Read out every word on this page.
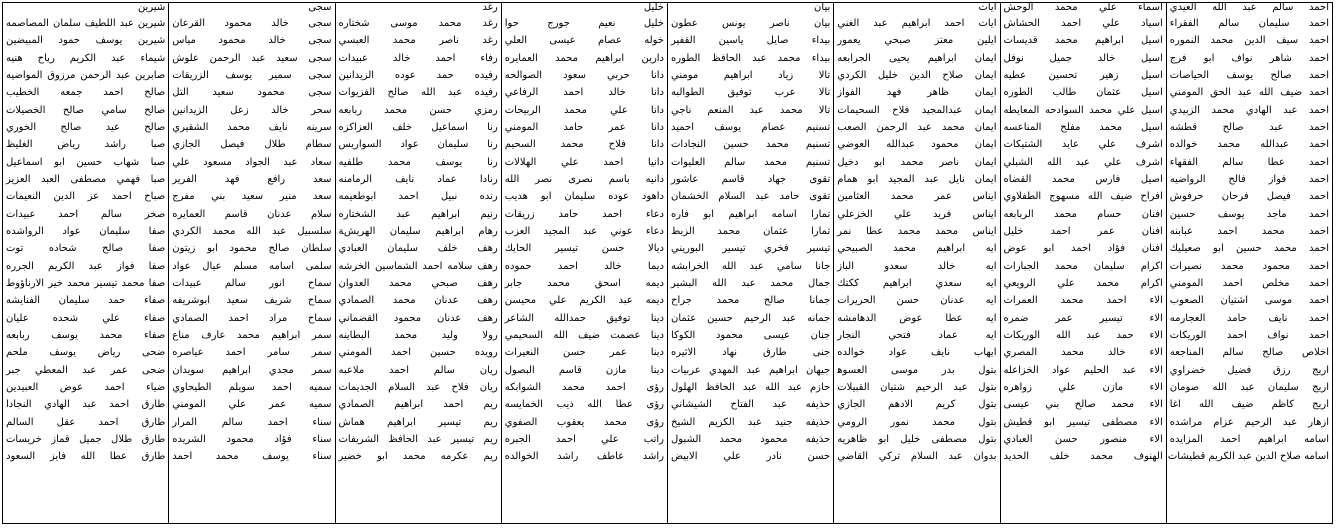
احمد سالم عبد الله العيدي
احمد سليمان سالم الفقراء
احمد سيف الدين محمد النموره
احمد شاهر نواف ابو فرج
احمد صالح يوسف الحياصات
احمد ضيف الله عبد الحق المومني
احمد عبد الهادي محمد الزبيدي
احمد عبد صالح قطشه
احمد عبدالله محمد خوالده
احمد عطا سالم الفقهاء
احمد فواز فالح الرواضيه
احمد فيصل فرحان حرفوش
احمد ماجد يوسف حسين
احمد محمد احمد عبابنه
احمد محمد حسين ابو صعيليك
احمد محمود محمد نصيرات
احمد مخلص احمد المومني
احمد موسى اشتيان الصعوب
احمد نايف حامد العجارمه
احمد نواف احمد الوريكات
اخلاص صالح سالم المناجعه
اريج رزق فضيل خضراوي
اريج سليمان عبد الله صومان
اريج كاظم ضيف الله اغا
ازهار عبد الرحيم عزام مراشده
اسامه ابراهيم احمد المزايده
اسامه صلاح الدين عبد الكريم قطيشات
اسماء علي محمد الوحش
اسياد علي احمد الحشاش
اسيل ابراهيم محمد قديسات
اسيل خالد جميل نوفل
اسيل زهير تحسين عطيه
اسيل عثمان طالب الطوره
اسيل علي محمد السوادحه المعايطه
اسيل محمد مفلح المناعسه
اشرف علي عايد الشتيكات
اشرف علي عبد الله الشبلي
اصيل فارس محمد القضاه
افراح ضيف الله مسهوج الطفلاوي
افنان حسام محمد الربابعه
افنان عمر احمد خليل
افنان فؤاد احمد ابو عوض
اكرام سليمان محمد الجبارات
اكرام محمد علي الرويعي
الاء احمد محمد العمرات
الاء تيسير عمر ضمره
الاء حمد عبد الله الوريكات
الاء خالد محمد المصري
الاء عبد الحليم عواد الخزاعله
الاء مازن علي زواهره
الاء محمد صالح بني عيسى
الاء مصطفى تيسير ابو قطيش
الاء منصور حسن العبادي
الهنوف محمد خلف الحديد
ايات
ايات احمد ابراهيم عبد الغني
ايلين معتز صبحي يعمور
ايمان ابراهيم يحيى الجرابعه
ايمان صلاح الدين خليل الكردي
ايمان ظاهر فهد الفواز
ايمان عبدالمجيد فلاح السحيمات
ايمان محمد عبد الرحمن الصعب
ايمان محمود عبدالله العوضي
ايمان ناصر محمد ابو دخيل
ايمان نايل عبد المجيد ابو همام
ايناس عمر محمد العثامين
ايناس فريد علي الخزعلي
ايناس محمد محمد عطا نمر
ايه ابراهيم محمد الصبيحي
ايه خالد سعدو الباز
ايه سعدي ابراهيم ككتك
ايه عدنان حسن الحريرات
ايه عطا عوض الدهامشه
ايه عماد فتحي النجار
ايهاب نايف عواد خوالده
بتول بدر موسى العسوﻫ
بتول عبد الرحيم شتيان القبيلات
بتول كريم الادهم الجازي
بتول محمد نمور الرومي
بتول مصطفى خليل ابو ظاهريه
بدوان عبد السلام تركي القاضي
بيان
بيان ناصر يونس عطون
بيداء صايل ياسين القفير
بيداء محمد عبد الحافظ الطوره
تالا زياد ابراهيم مومني
تالا عرب توفيق الطوالبه
تالا محمد عبد المنعم ناجي
تسنيم عصام يوسف احميد
تسنيم محمد حسين النجادات
تسنيم محمد سالم العليوات
تقوى جهاد قاسم عاشور
تقوى حامد عبد السلام الخشمان
تمارا اسامه ابراهيم ابو فاره
تمارا عثمان محمد الزبط
تيسير فخري تيسير البوريني
جانا سامي عبد الله الخرابشه
جمال محمد عبد الله البشير
جمانا صالح محمد جراح
جمانه عبد الرحيم حسين عثمان
جنان عيسى محمود الكوكا
جنى طارق نهاد الاثيره
جيهان ابراهيم عبد المهدي عربيات
حازم عبد الله عبد الحافظ الهلول
حذيفه عبد الفتاح الشيشاني
حذيفه جنيد عبد الكريم الشيخ
حذيفه محمود محمد الشبول
حسن نادر علي الابيض
خليل
خليل نعيم جورج حوا
خوله عصام عيسى العلي
دارين ابراهيم محمد العمايره
دانا حربي سعود الصوالحه
دانا خالد احمد الرفاعي
دانا علي محمد الربيحات
دانا عمر حامد المومني
دانا فلاح محمد السحيم
دانيا احمد علي الهلالات
دانيه باسم نصرى نصر الله
داهود عوده سليمان ابو هديب
دعاء احمد حامد زريقات
دعاء عوني عبد المجيد العزب
ديالا حسن تيسير الحايك
ديما خالد احمد حموده
ديمه اسحق محمد جابر
ديمه عبد الكريم علي محيسن
دينا توفيق حمدالله الشاعر
دينا عصمت ضيف الله السحيمي
دينا عمر حسن النعيرات
دينا مازن قاسم البصول
رؤى احمد محمد الشوابكه
رؤى عطا الله ذيب الخمايسه
رؤى محمد يعقوب الصفوي
راتب علي احمد الجبره
راشد عاطف راشد الخوالده
رغد
رغد محمد موسى شختاره
رغد ناصر محمد العبسي
رفاء احمد خالد عبيدات
رفيده حمد عوده الزيدانين
رفيده عبد الله صالح الفزيوات
رمزي حسن محمد ربابعه
رنا اسماعيل خلف العزاكزه
رنا سليمان عواد السواريس
رنا يوسف محمد طلفيه
رنادا عماد نايف الرمامنه
رنده نبيل احمد ابوطعيمه
رنيم ابراهيم عبد الشختاره
رهام ابراهيم سليمان الهريشﺔ
رهف خلف سليمان العبادي
رهف سلامه احمد الشماسين الخرشه
رهف صبحي محمد العدوان
رهف عدنان محمد الصمادي
رهف عدنان محمود القضماني
رولا وليد محمد البطاينه
رويده حسين احمد المومني
ريان سالم احمد ملاعبه
ريان فلاح عبد السلام الجديمات
ريم احمد ابراهيم الصمادي
ريم تيسير ابراهيم هماش
ريم تيسير عبد الحافظ الشريفات
ريم عكرمه محمد ابو خضير
سجى
سجى خالد محمود القرعان
سجى خالد محمود مياس
سجى سعيد عبد الرحمن علوش
سجى سمير يوسف الزريقات
سجى محمود سعيد التل
سحر خالد زعل الزيدانين
سرينه نايف محمد الشقيري
سطام طلال فيصل الجازي
سعاد عبد الجواد مسعود علي
سعد رافع فهد الفرير
سعد منير سعيد بني مفرج
سلام عدنان قاسم العمايره
سلسبيل عبد الله محمد الكردي
سلطان صالح محمود ابو زيتون
سلمى اسامه مسلم عيال عواد
سماح انور سالم عبيدات
سماح شريف سعيد ابوشريفه
سماح مراد احمد الصمادي
سمر ابراهيم محمد عارف مناع
سمر سامر احمد عياصره
سمر مجدي ابراهيم سويدان
سميه احمد سويلم الطيحاوي
سميه عمر علي المومني
سناء احمد سالم المرار
سناء فؤاد محمود الشريده
سناء يوسف محمد احمد
شيرين
شيرين عبد اللطيف سلمان المصاصمه
شيرين يوسف حمود المبيضين
شيماء عبد الكريم رياح هنيه
صابرين عبد الرحمن مرزوق المواضيه
صالح احمد جمعه الخطيب
صالح سامي صالح الخصيلات
صالح عيد صالح الخوري
صبا راشد رياض الغليظ
صبا شهاب حسين ابو اسماعيل
صبا فهمي مصطفى العبد العزيز
صباح احمد عز الدين النعيمات
صخر سالم احمد عبيدات
صفا سليمان عواد الرواشده
صفا صالح شحاده توت
صفا فواز عبد الكريم الجرره
صفا محمد تيسير محمد خير الارناؤوط
صفاء حمد سليمان الفنايشه
صفاء علي شحده عليان
صفاء محمد يوسف ربابعه
ضحى رياض يوسف ملحم
ضحى عمر عبد المعطي جبر
ضياء احمد عوض العبيدين
طارق احمد عبد الهادي النجادا
طارق احمد عقل السالم
طارق طلال جميل قماز خريسات
طارق عطا الله فايز السعود
